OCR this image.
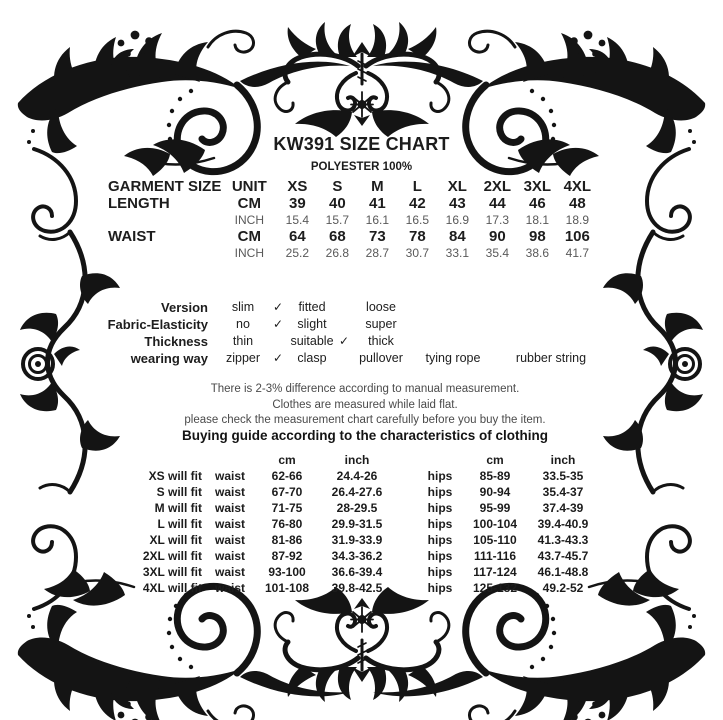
KW391 SIZE CHART
POLYESTER 100%
GARMENT SIZE	UNIT	XS	S	M	L	XL	2XL	3XL	4XL
LENGTH	CM	39	40	41	42	43	44	46	48
	INCH	15.4	15.7	16.1	16.5	16.9	17.3	18.1	18.9
WAIST	CM	64	68	73	78	84	90	98	106
	INCH	25.2	26.8	28.7	30.7	33.1	35.4	38.6	41.7
Version	slim	✓	fitted		loose		
Fabric-Elasticity	no	✓	slight		super		
Thickness	thin		suitable	✓	thick		
wearing way	zipper	✓	clasp		pullover	tying rope	rubber string
There is 2-3% difference according to manual measurement.
Clothes are measured while laid flat.
please check the measurement chart carefully before you buy the item.
Buying guide according to the characteristics of clothing
		cm	inch			cm	inch
XS will fit	waist	62-66	24.4-26		hips	85-89	33.5-35
S will fit	waist	67-70	26.4-27.6		hips	90-94	35.4-37
M will fit	waist	71-75	28-29.5		hips	95-99	37.4-39
L will fit	waist	76-80	29.9-31.5		hips	100-104	39.4-40.9
XL will fit	waist	81-86	31.9-33.9		hips	105-110	41.3-43.3
2XL will fit	waist	87-92	34.3-36.2		hips	111-116	43.7-45.7
3XL will fit	waist	93-100	36.6-39.4		hips	117-124	46.1-48.8
4XL will fit	waist	101-108	39.8-42.5		hips	125-132	49.2-52
